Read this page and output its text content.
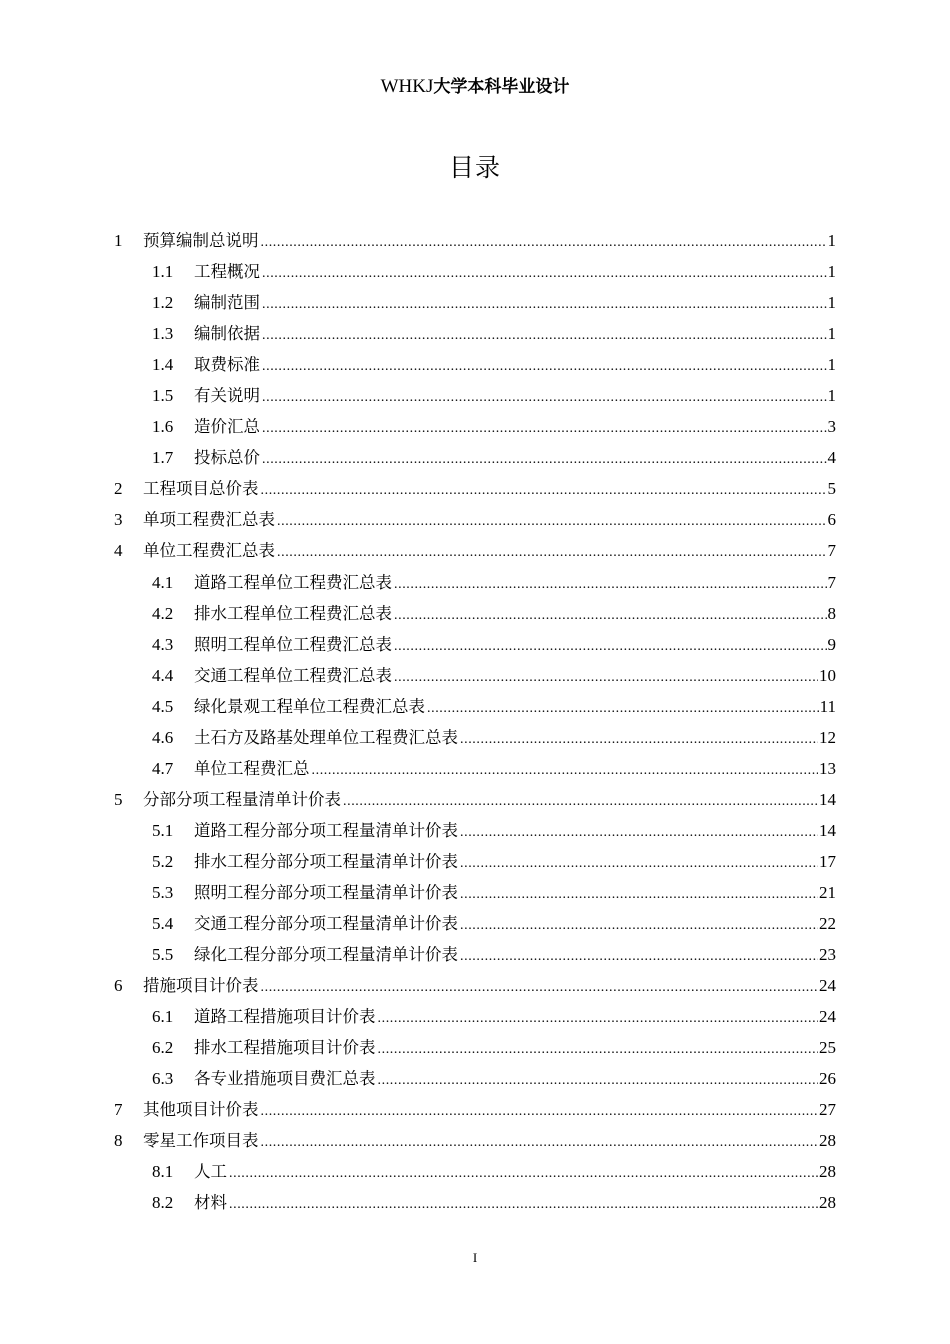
WHKJ大学本科毕业设计
目录
1 预算编制总说明 .....	1
1.1 工程概况 .....	1
1.2 编制范围 .....	1
1.3 编制依据 .....	1
1.4 取费标准 .....	1
1.5 有关说明 .....	1
1.6 造价汇总 .....	3
1.7 投标总价 .....	4
2 工程项目总价表 .....	5
3 单项工程费汇总表 .....	6
4 单位工程费汇总表 .....	7
4.1 道路工程单位工程费汇总表 .....	7
4.2 排水工程单位工程费汇总表 .....	8
4.3 照明工程单位工程费汇总表 .....	9
4.4 交通工程单位工程费汇总表 .....	10
4.5 绿化景观工程单位工程费汇总表 .....	11
4.6 土石方及路基处理单位工程费汇总表 .....	12
4.7 单位工程费汇总 .....	13
5 分部分项工程量清单计价表 .....	14
5.1 道路工程分部分项工程量清单计价表 .....	14
5.2 排水工程分部分项工程量清单计价表 .....	17
5.3 照明工程分部分项工程量清单计价表 .....	21
5.4 交通工程分部分项工程量清单计价表 .....	22
5.5 绿化工程分部分项工程量清单计价表 .....	23
6 措施项目计价表 .....	24
6.1 道路工程措施项目计价表 .....	24
6.2 排水工程措施项目计价表 .....	25
6.3 各专业措施项目费汇总表 .....	26
7 其他项目计价表 .....	27
8 零星工作项目表 .....	28
8.1 人工 .....	28
8.2 材料 .....	28
I
